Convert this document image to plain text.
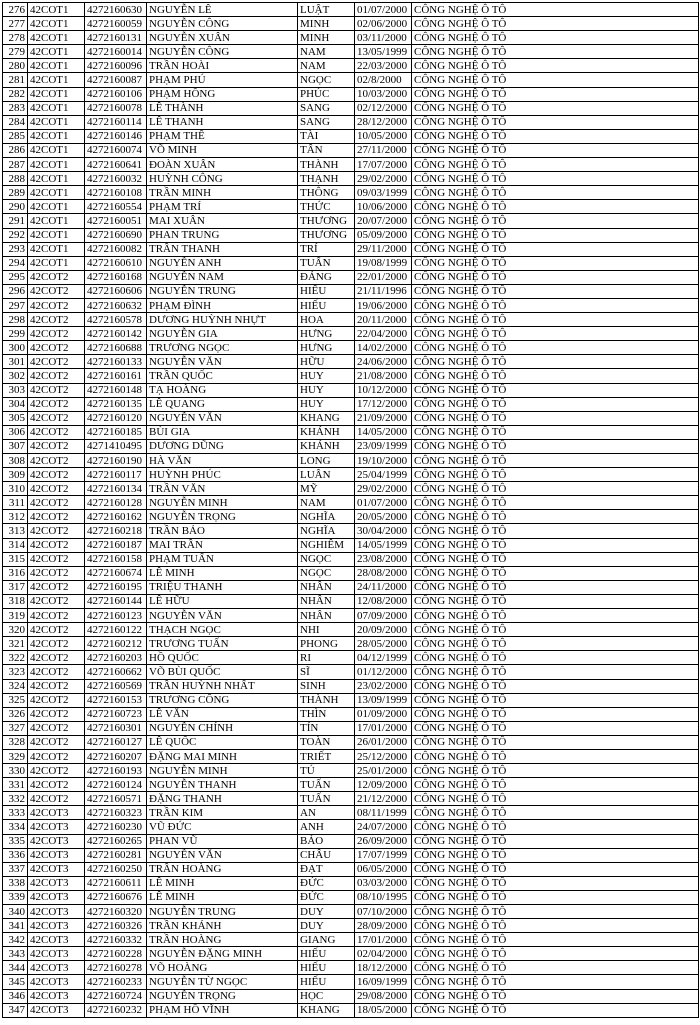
276	42COT1	4272160630	NGUYỄN LÊ	LUẬT	01/07/2000	CÔNG NGHỆ Ô TÔ
277	42COT1	4272160059	NGUYỄN CÔNG	MINH	02/06/2000	CÔNG NGHỆ Ô TÔ
278	42COT1	4272160131	NGUYỄN XUÂN	MINH	03/11/2000	CÔNG NGHỆ Ô TÔ
279	42COT1	4272160014	NGUYỄN CÔNG	NAM	13/05/1999	CÔNG NGHỆ Ô TÔ
280	42COT1	4272160096	TRẦN HOÀI	NAM	22/03/2000	CÔNG NGHỆ Ô TÔ
281	42COT1	4272160087	PHẠM PHÚ	NGỌC	02/8/2000	CÔNG NGHỆ Ô TÔ
282	42COT1	4272160106	PHẠM HỒNG	PHÚC	10/03/2000	CÔNG NGHỆ Ô TÔ
283	42COT1	4272160078	LÊ THÀNH	SANG	02/12/2000	CÔNG NGHỆ Ô TÔ
284	42COT1	4272160114	LÊ THANH	SANG	28/12/2000	CÔNG NGHỆ Ô TÔ
285	42COT1	4272160146	PHẠM THẾ	TÀI	10/05/2000	CÔNG NGHỆ Ô TÔ
286	42COT1	4272160074	VÕ MINH	TÂN	27/11/2000	CÔNG NGHỆ Ô TÔ
287	42COT1	4272160641	ĐOÀN XUÂN	THÀNH	17/07/2000	CÔNG NGHỆ Ô TÔ
288	42COT1	4272160032	HUỲNH CÔNG	THẠNH	29/02/2000	CÔNG NGHỆ Ô TÔ
289	42COT1	4272160108	TRẦN MINH	THÔNG	09/03/1999	CÔNG NGHỆ Ô TÔ
290	42COT1	4272160554	PHẠM TRÍ	THỨC	10/06/2000	CÔNG NGHỆ Ô TÔ
291	42COT1	4272160051	MAI XUÂN	THƯƠNG	20/07/2000	CÔNG NGHỆ Ô TÔ
292	42COT1	4272160690	PHAN TRUNG	THƯƠNG	05/09/2000	CÔNG NGHỆ Ô TÔ
293	42COT1	4272160082	TRẦN THANH	TRÍ	29/11/2000	CÔNG NGHỆ Ô TÔ
294	42COT1	4272160610	NGUYỄN ANH	TUẤN	19/08/1999	CÔNG NGHỆ Ô TÔ
295	42COT2	4272160168	NGUYỄN NAM	ĐẢNG	22/01/2000	CÔNG NGHỆ Ô TÔ
296	42COT2	4272160606	NGUYỄN TRUNG	HIẾU	21/11/1996	CÔNG NGHỆ Ô TÔ
297	42COT2	4272160632	PHẠM ĐÌNH	HIẾU	19/06/2000	CÔNG NGHỆ Ô TÔ
298	42COT2	4272160578	DƯƠNG HUỲNH NHỰT	HOA	20/11/2000	CÔNG NGHỆ Ô TÔ
299	42COT2	4272160142	NGUYỄN GIA	HƯNG	22/04/2000	CÔNG NGHỆ Ô TÔ
300	42COT2	4272160688	TRƯƠNG NGỌC	HƯNG	14/02/2000	CÔNG NGHỆ Ô TÔ
301	42COT2	4272160133	NGUYỄN VĂN	HỮU	24/06/2000	CÔNG NGHỆ Ô TÔ
302	42COT2	4272160161	TRẦN QUỐC	HUY	21/08/2000	CÔNG NGHỆ Ô TÔ
303	42COT2	4272160148	TẠ HOÀNG	HUY	10/12/2000	CÔNG NGHỆ Ô TÔ
304	42COT2	4272160135	LÊ QUANG	HUY	17/12/2000	CÔNG NGHỆ Ô TÔ
305	42COT2	4272160120	NGUYỄN VĂN	KHANG	21/09/2000	CÔNG NGHỆ Ô TÔ
306	42COT2	4272160185	BÙI GIA	KHÁNH	14/05/2000	CÔNG NGHỆ Ô TÔ
307	42COT2	4271410495	DƯƠNG DŨNG	KHÁNH	23/09/1999	CÔNG NGHỆ Ô TÔ
308	42COT2	4272160190	HÀ VĂN	LONG	19/10/2000	CÔNG NGHỆ Ô TÔ
309	42COT2	4272160117	HUỲNH PHÚC	LUÂN	25/04/1999	CÔNG NGHỆ Ô TÔ
310	42COT2	4272160134	TRẦN VĂN	MỸ	29/02/2000	CÔNG NGHỆ Ô TÔ
311	42COT2	4272160128	NGUYỄN MINH	NAM	01/07/2000	CÔNG NGHỆ Ô TÔ
312	42COT2	4272160162	NGUYỄN TRỌNG	NGHĨA	20/05/2000	CÔNG NGHỆ Ô TÔ
313	42COT2	4272160218	TRẦN BẢO	NGHĨA	30/04/2000	CÔNG NGHỆ Ô TÔ
314	42COT2	4272160187	MAI TRẦN	NGHIÊM	14/05/1999	CÔNG NGHỆ Ô TÔ
315	42COT2	4272160158	PHẠM TUẤN	NGỌC	23/08/2000	CÔNG NGHỆ Ô TÔ
316	42COT2	4272160674	LÊ MINH	NGỌC	28/08/2000	CÔNG NGHỆ Ô TÔ
317	42COT2	4272160195	TRIỆU THANH	NHÂN	24/11/2000	CÔNG NGHỆ Ô TÔ
318	42COT2	4272160144	LÊ HỮU	NHÂN	12/08/2000	CÔNG NGHỆ Ô TÔ
319	42COT2	4272160123	NGUYỄN VĂN	NHÂN	07/09/2000	CÔNG NGHỆ Ô TÔ
320	42COT2	4272160122	THẠCH NGỌC	NHI	20/09/2000	CÔNG NGHỆ Ô TÔ
321	42COT2	4272160212	TRƯƠNG TUẤN	PHONG	28/05/2000	CÔNG NGHỆ Ô TÔ
322	42COT2	4272160203	HỒ QUỐC	RI	04/12/1999	CÔNG NGHỆ Ô TÔ
323	42COT2	4272160662	VÕ BÙI QUỐC	SĨ	01/12/2000	CÔNG NGHỆ Ô TÔ
324	42COT2	4272160569	TRẦN HUỲNH NHẤT	SINH	23/02/2000	CÔNG NGHỆ Ô TÔ
325	42COT2	4272160153	TRƯƠNG CÔNG	THÀNH	13/09/1999	CÔNG NGHỆ Ô TÔ
326	42COT2	4272160723	LÊ VĂN	THÌN	01/09/2000	CÔNG NGHỆ Ô TÔ
327	42COT2	4272160301	NGUYỄN CHÍNH	TÍN	17/01/2000	CÔNG NGHỆ Ô TÔ
328	42COT2	4272160127	LÊ QUỐC	TOÀN	26/01/2000	CÔNG NGHỆ Ô TÔ
329	42COT2	4272160207	ĐẶNG MAI MINH	TRIẾT	25/12/2000	CÔNG NGHỆ Ô TÔ
330	42COT2	4272160193	NGUYỄN MINH	TÚ	25/01/2000	CÔNG NGHỆ Ô TÔ
331	42COT2	4272160124	NGUYỄN THANH	TUẤN	12/09/2000	CÔNG NGHỆ Ô TÔ
332	42COT2	4272160571	ĐẶNG THANH	TUẤN	21/12/2000	CÔNG NGHỆ Ô TÔ
333	42COT3	4272160323	TRẦN KIM	AN	08/11/1999	CÔNG NGHỆ Ô TÔ
334	42COT3	4272160230	VŨ ĐỨC	ANH	24/07/2000	CÔNG NGHỆ Ô TÔ
335	42COT3	4272160265	PHAN VŨ	BẢO	26/09/2000	CÔNG NGHỆ Ô TÔ
336	42COT3	4272160281	NGUYỄN VĂN	CHÂU	17/07/1999	CÔNG NGHỆ Ô TÔ
337	42COT3	4272160250	TRẦN HOÀNG	ĐẠT	06/05/2000	CÔNG NGHỆ Ô TÔ
338	42COT3	4272160611	LÊ MINH	ĐỨC	03/03/2000	CÔNG NGHỆ Ô TÔ
339	42COT3	4272160676	LÊ MINH	ĐỨC	08/10/1995	CÔNG NGHỆ Ô TÔ
340	42COT3	4272160320	NGUYỄN TRUNG	DUY	07/10/2000	CÔNG NGHỆ Ô TÔ
341	42COT3	4272160326	TRẦN KHÁNH	DUY	28/09/2000	CÔNG NGHỆ Ô TÔ
342	42COT3	4272160332	TRẦN HOÀNG	GIANG	17/01/2000	CÔNG NGHỆ Ô TÔ
343	42COT3	4272160228	NGUYỄN ĐẶNG MINH	HIẾU	02/04/2000	CÔNG NGHỆ Ô TÔ
344	42COT3	4272160278	VÕ HOÀNG	HIẾU	18/12/2000	CÔNG NGHỆ Ô TÔ
345	42COT3	4272160233	NGUYỄN TỪ NGỌC	HIẾU	16/09/1999	CÔNG NGHỆ Ô TÔ
346	42COT3	4272160724	NGUYỄN TRỌNG	HỌC	29/08/2000	CÔNG NGHỆ Ô TÔ
347	42COT3	4272160232	PHẠM HỒ VĨNH	KHANG	18/05/2000	CÔNG NGHỆ Ô TÔ
